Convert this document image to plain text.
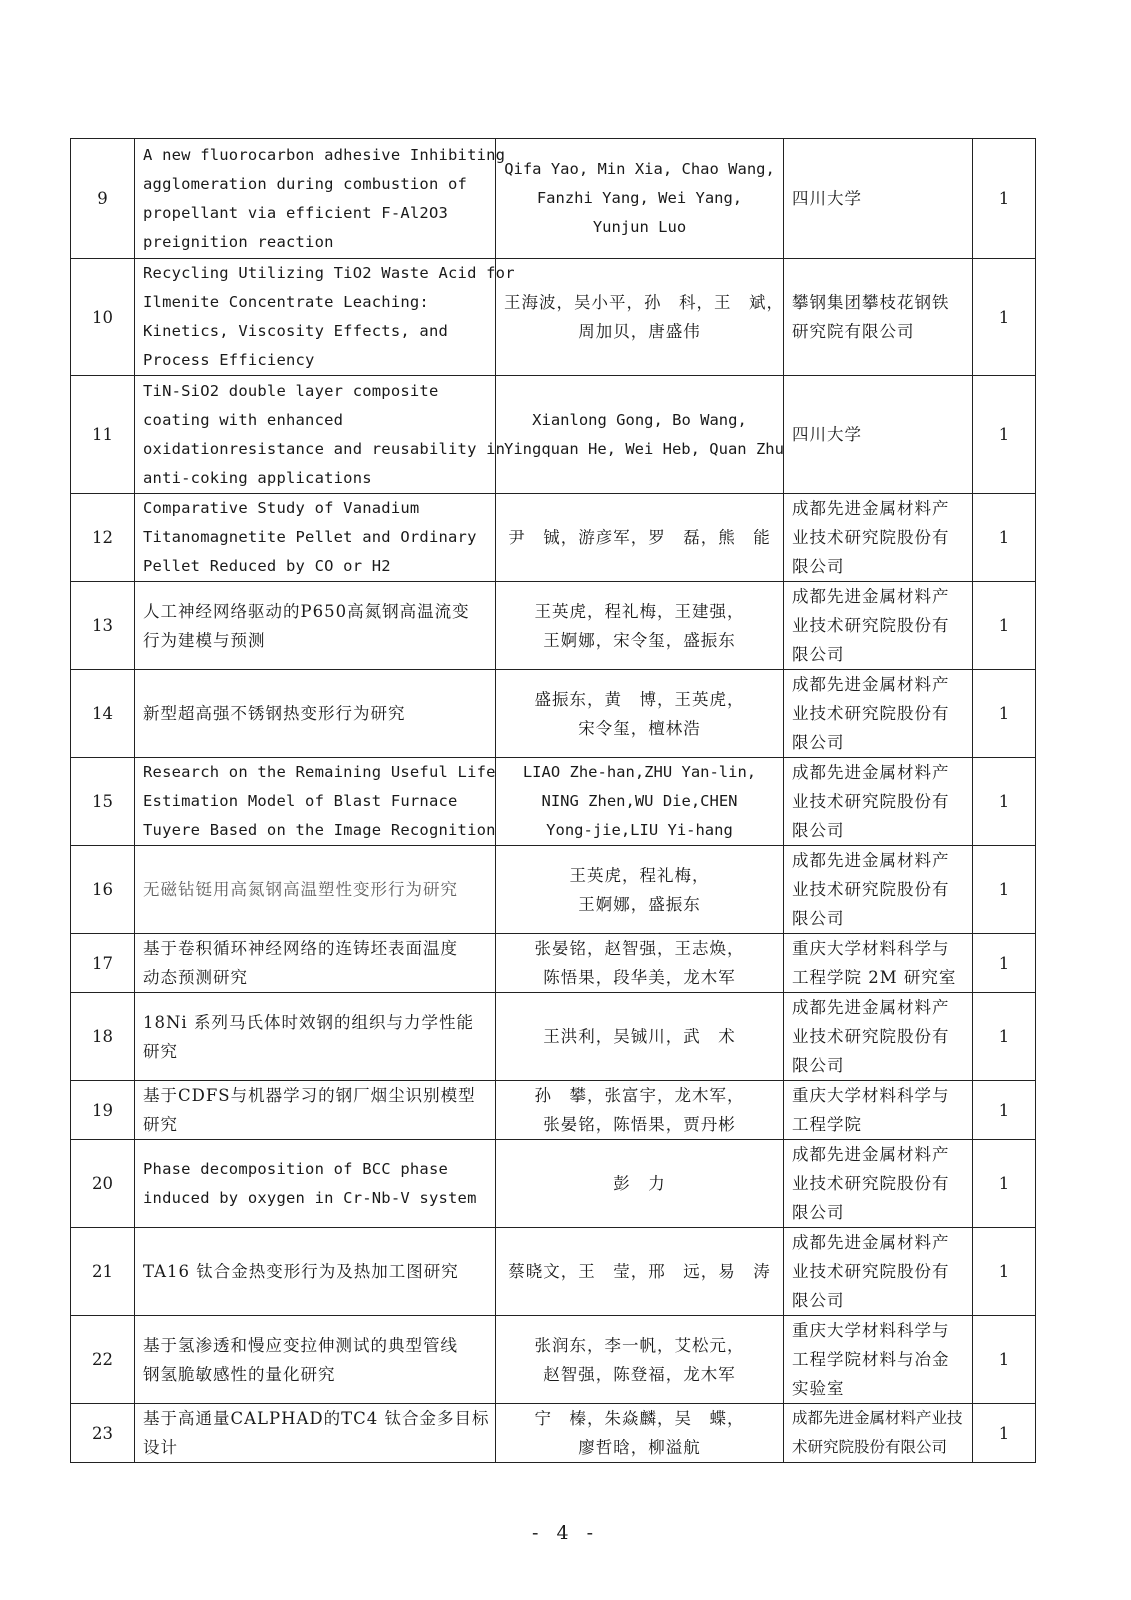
9	A new fluorocarbon adhesive Inhibiting
agglomeration during combustion of
propellant via efficient F-Al2O3
preignition reaction	Qifa Yao, Min Xia, Chao Wang,
Fanzhi Yang, Wei Yang,
Yunjun Luo	四川大学	1
10	Recycling Utilizing TiO2 Waste Acid for
Ilmenite Concentrate Leaching:
Kinetics, Viscosity Effects, and
Process Efficiency	王海波，吴小平，孙　科，王　斌，
周加贝，唐盛伟	攀钢集团攀枝花钢铁
研究院有限公司	1
11	TiN-SiO2 double layer composite
coating with enhanced
oxidationresistance and reusability in
anti-coking applications	Xianlong Gong, Bo Wang,
Yingquan He, Wei Heb, Quan Zhu	四川大学	1
12	Comparative Study of Vanadium
Titanomagnetite Pellet and Ordinary
Pellet Reduced by CO or H2	尹　铖，游彦军，罗　磊，熊　能	成都先进金属材料产
业技术研究院股份有
限公司	1
13	人工神经网络驱动的P650高氮钢高温流变
行为建模与预测	王英虎，程礼梅，王建强，
王婀娜，宋令玺，盛振东	成都先进金属材料产
业技术研究院股份有
限公司	1
14	新型超高强不锈钢热变形行为研究	盛振东，黄　博，王英虎，
宋令玺，檀林浩	成都先进金属材料产
业技术研究院股份有
限公司	1
15	Research on the Remaining Useful Life
Estimation Model of Blast Furnace
Tuyere Based on the Image Recognition	LIAO Zhe-han,ZHU Yan-lin,
NING Zhen,WU Die,CHEN
Yong-jie,LIU Yi-hang	成都先进金属材料产
业技术研究院股份有
限公司	1
16	无磁钻铤用高氮钢高温塑性变形行为研究	王英虎，程礼梅，
王婀娜，盛振东	成都先进金属材料产
业技术研究院股份有
限公司	1
17	基于卷积循环神经网络的连铸坯表面温度
动态预测研究	张晏铭，赵智强，王志焕，
陈悟果，段华美，龙木军	重庆大学材料科学与
工程学院 2M 研究室	1
18	18Ni 系列马氏体时效钢的组织与力学性能
研究	王洪利，吴铖川，武　术	成都先进金属材料产
业技术研究院股份有
限公司	1
19	基于CDFS与机器学习的钢厂烟尘识别模型
研究	孙　攀，张富宇，龙木军，
张晏铭，陈悟果，贾丹彬	重庆大学材料科学与
工程学院	1
20	Phase decomposition of BCC phase
induced by oxygen in Cr-Nb-V system	彭　力	成都先进金属材料产
业技术研究院股份有
限公司	1
21	TA16 钛合金热变形行为及热加工图研究	蔡晓文，王　莹，邢　远，易　涛	成都先进金属材料产
业技术研究院股份有
限公司	1
22	基于氢渗透和慢应变拉伸测试的典型管线
钢氢脆敏感性的量化研究	张润东，李一帆，艾松元，
赵智强，陈登福，龙木军	重庆大学材料科学与
工程学院材料与冶金
实验室	1
23	基于高通量CALPHAD的TC4 钛合金多目标
设计	宁　榛，朱焱麟，吴　蝶，
廖哲晗，柳溢航	成都先进金属材料产业技
术研究院股份有限公司	1
- 4 -
